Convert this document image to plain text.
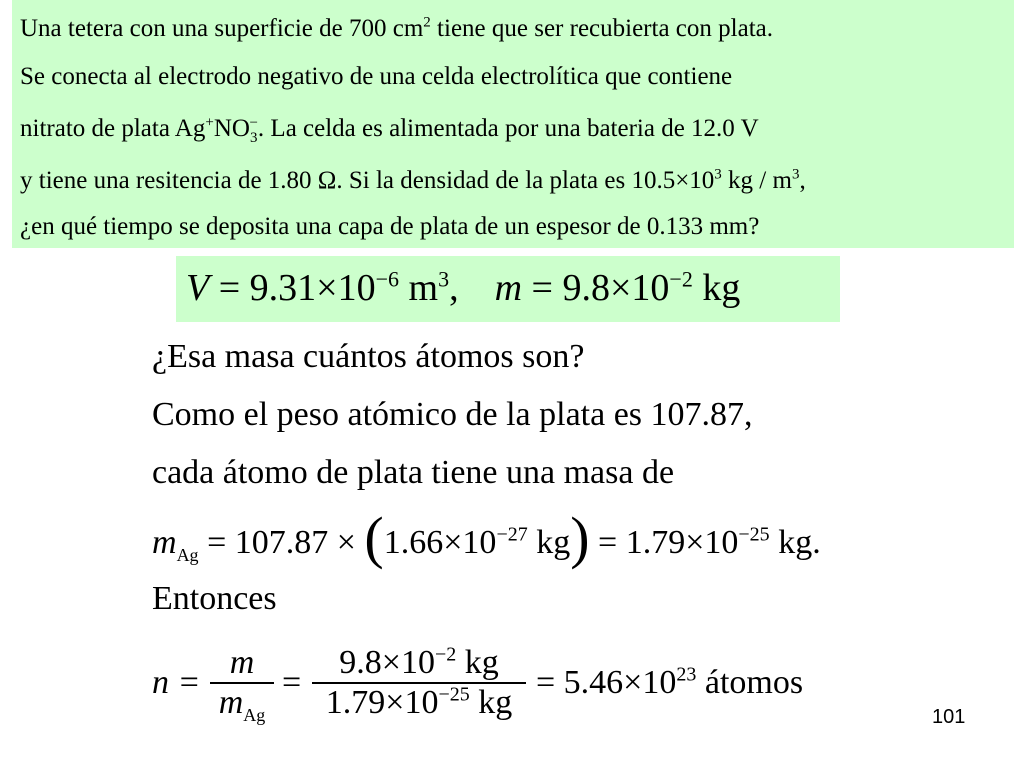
Una tetera con una superficie de 700 $cm^2$ tiene que ser recubierta con plata.
Se conecta al electrodo negativo de una celda electrolítica que contiene
nitrato de plata $Ag^+NO_3^-$. La celda es alimentada por una bateria de 12.0 V
y tiene una resitencia de 1.80 Ω. Si la densidad de la plata es $10.5\times 10^3$ kg / $m^3$,
¿en qué tiempo se deposita una capa de plata de un espesor de 0.133 mm?
$V = 9.31\times 10^{-6}$ $m^3$, $m = 9.8\times 10^{-2}$ kg
¿Esa masa cuántos átomos son?
Como el peso atómico de la plata es 107.87,
cada átomo de plata tiene una masa de
$m_{Ag} = 107.87 \times (1.66\times 10^{-27}$ $kg) = 1.79\times 10^{-25}$ kg.
Entonces
n =
m
$m_{Ag}$
=
$9.8\times 10^{-2}$ kg
$1.79\times 10^{-25}$ kg
= $5.46\times 10^{23}$ átomos
101
